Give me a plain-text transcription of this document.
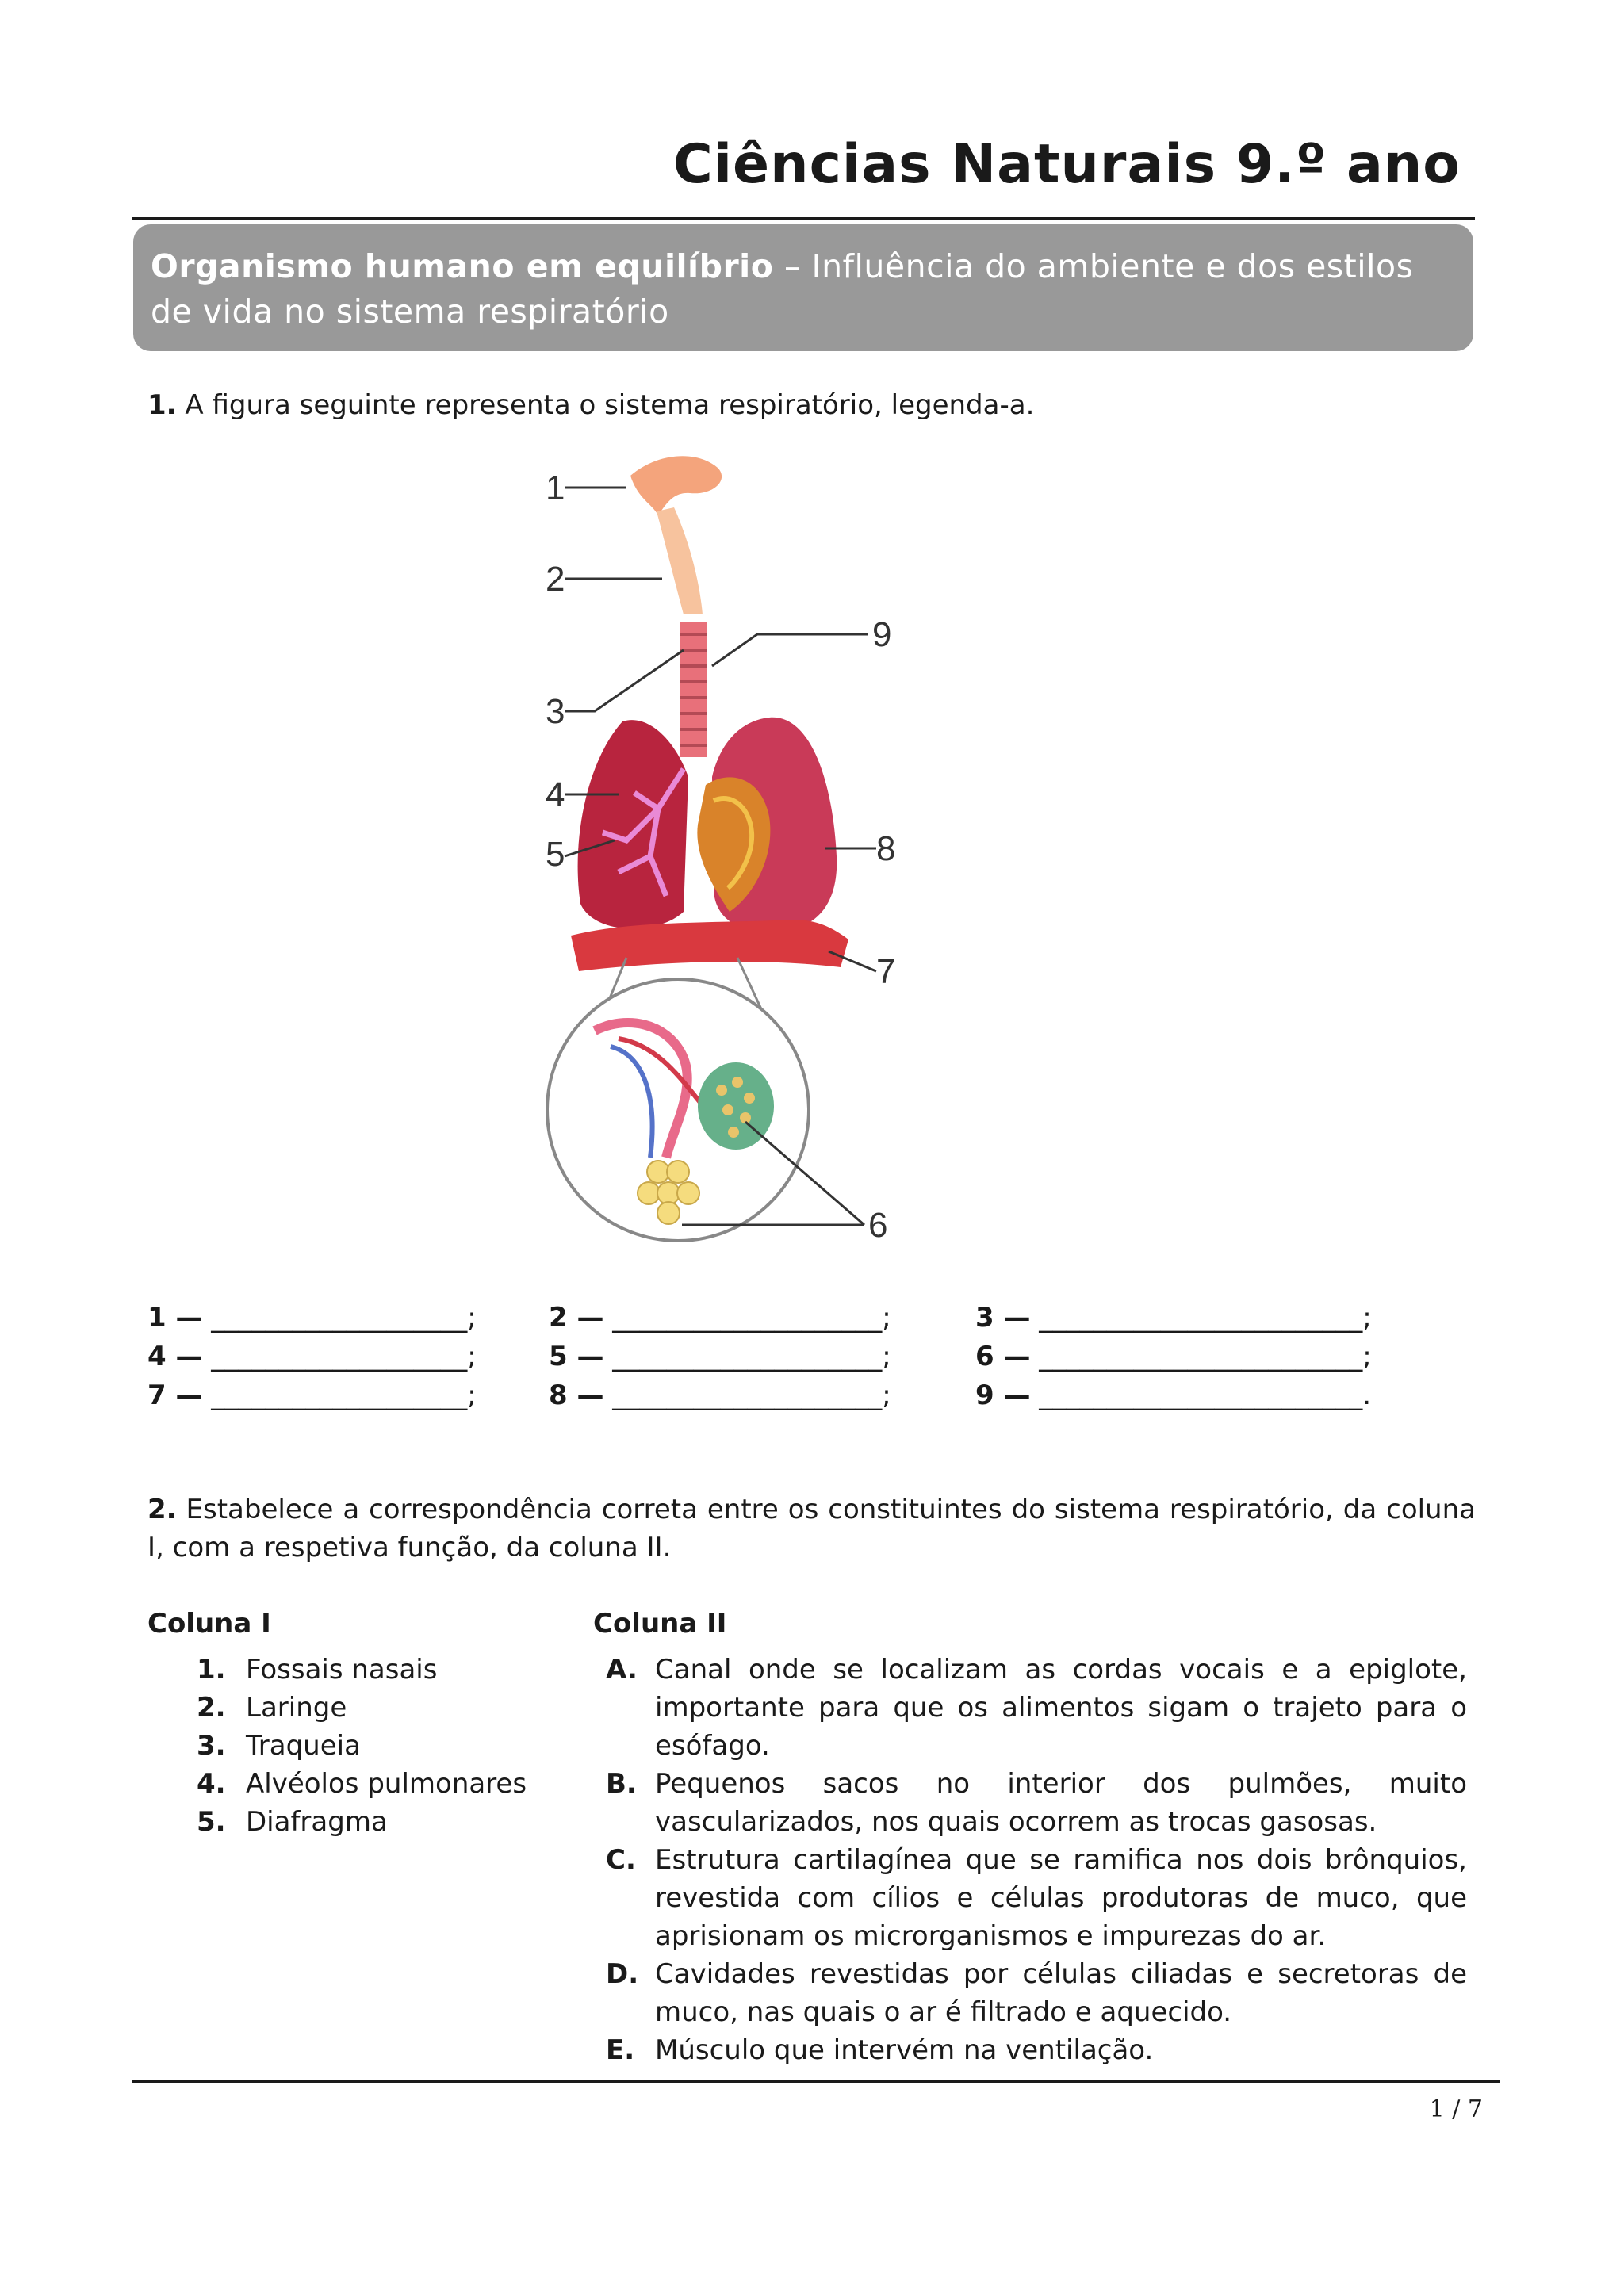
Ciências Naturais 9.º ano
Organismo humano em equilíbrio – Influência do ambiente e dos estilos de vida no sistema respiratório
1. A figura seguinte representa o sistema respiratório, legenda-a.
1
2
3
4
5
6
7
8
9
1 — ___________________;	2 — ____________________;	3 — ________________________;
4 — ___________________;	5 — ____________________;	6 — ________________________;
7 — ___________________;	8 — ____________________;	9 — ________________________.
2. Estabelece a correspondência correta entre os constituintes do sistema respiratório, da coluna I, com a respetiva função, da coluna II.
Coluna I	Coluna II
1. Fossais nasais
2. Laringe
3. Traqueia
4. Alvéolos pulmonares
5. Diafragma
A. Canal onde se localizam as cordas vocais e a epiglote, importante para que os alimentos sigam o trajeto para o esófago.
B. Pequenos sacos no interior dos pulmões, muito vascularizados, nos quais ocorrem as trocas gasosas.
C. Estrutura cartilagínea que se ramifica nos dois brônquios, revestida com cílios e células produtoras de muco, que aprisionam os microrganismos e impurezas do ar.
D. Cavidades revestidas por células ciliadas e secretoras de muco, nas quais o ar é filtrado e aquecido.
E. Músculo que intervém na ventilação.
1 / 7
